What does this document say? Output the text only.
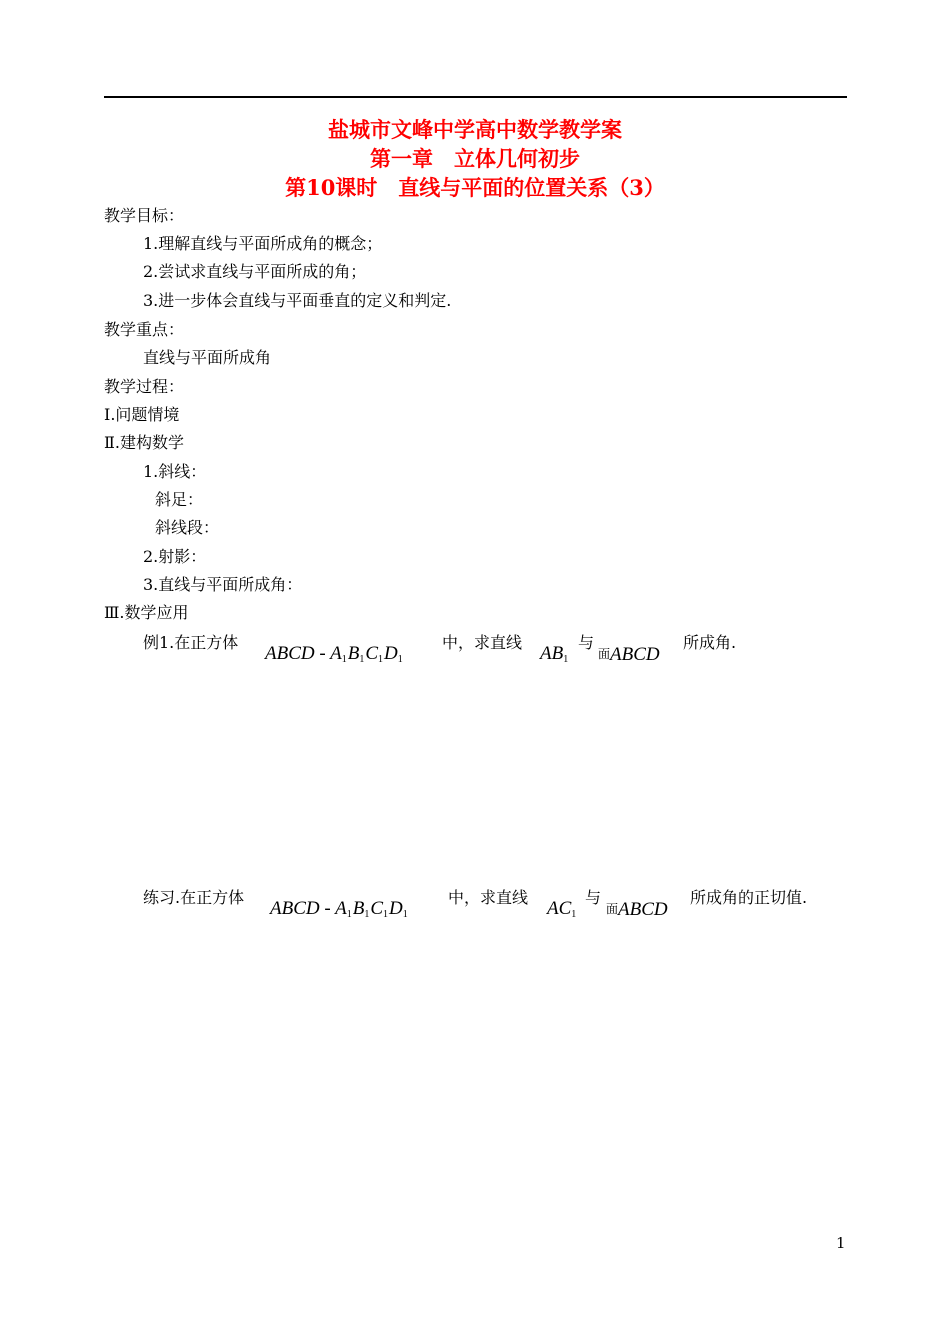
盐城市文峰中学高中数学教学案
第一章　立体几何初步
第10课时　直线与平面的位置关系（3）
教学目标：
1.理解直线与平面所成角的概念；
2.尝试求直线与平面所成的角；
3.进一步体会直线与平面垂直的定义和判定.
教学重点：
直线与平面所成角
教学过程：
Ⅰ.问题情境
Ⅱ.建构数学
1.斜线：
斜足：
斜线段：
2.射影：
3.直线与平面所成角：
Ⅲ.数学应用
例1.在正方体
ABCD - $A_1B_1C_1D_1$
中，求直线
$AB_1$
与
面ABCD
所成角.
练习.在正方体
ABCD - $A_1B_1C_1D_1$
中，求直线
$AC_1$
与
面ABCD
所成角的正切值.
1
